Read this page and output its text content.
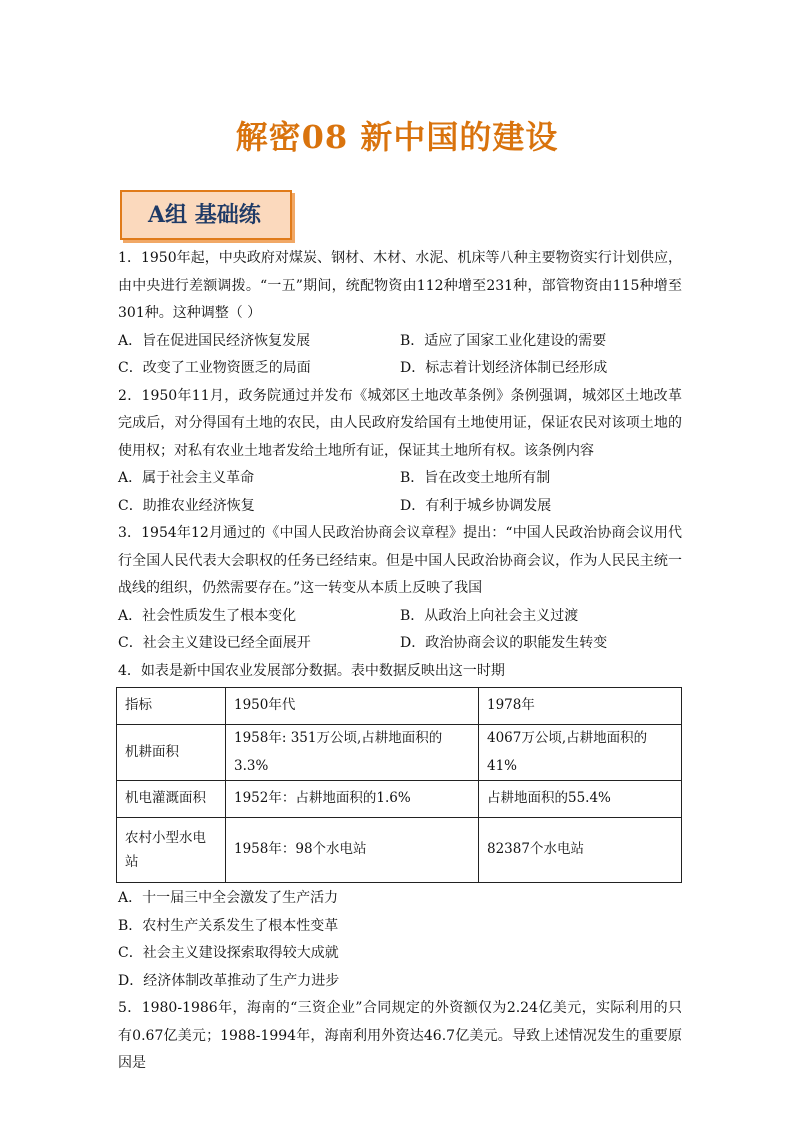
解密08 新中国的建设
A组 基础练

1．1950年起，中央政府对煤炭、钢材、木材、水泥、机床等八种主要物资实行计划供应，由中央进行差额调拨。“一五”期间，统配物资由112种增至231种，部管物资由115种增至301种。这种调整（ ）

A．旨在促进国民经济恢复发展	B．适应了国家工业化建设的需要

C．改变了工业物资匮乏的局面	D．标志着计划经济体制已经形成

2．1950年11月，政务院通过并发布《城郊区土地改革条例》条例强调，城郊区土地改革完成后，对分得国有土地的农民，由人民政府发给国有土地使用证，保证农民对该项土地的使用权；对私有农业土地者发给土地所有证，保证其土地所有权。该条例内容

A．属于社会主义革命	B．旨在改变土地所有制

C．助推农业经济恢复	D．有利于城乡协调发展

3．1954年12月通过的《中国人民政治协商会议章程》提出：“中国人民政治协商会议用代行全国人民代表大会职权的任务已经结束。但是中国人民政治协商会议，作为人民民主统一战线的组织，仍然需要存在。”这一转变从本质上反映了我国

A．社会性质发生了根本变化	B．从政治上向社会主义过渡

C．社会主义建设已经全面展开	D．政治协商会议的职能发生转变

4．如表是新中国农业发展部分数据。表中数据反映出这一时期

指标	1950年代	1978年
机耕面积	1958年: 351万公顷,占耕地面积的3.3%	4067万公顷,占耕地面积的41%
机电灌溉面积	1952年：占耕地面积的1.6%	占耕地面积的55.4%
农村小型水电站	1958年：98个水电站	82387个水电站

A．十一届三中全会激发了生产活力

B．农村生产关系发生了根本性变革

C．社会主义建设探索取得较大成就

D．经济体制改革推动了生产力进步

5．1980-1986年，海南的“三资企业”合同规定的外资额仅为2.24亿美元，实际利用的只有0.67亿美元；1988-1994年，海南利用外资达46.7亿美元。导致上述情况发生的重要原因是
